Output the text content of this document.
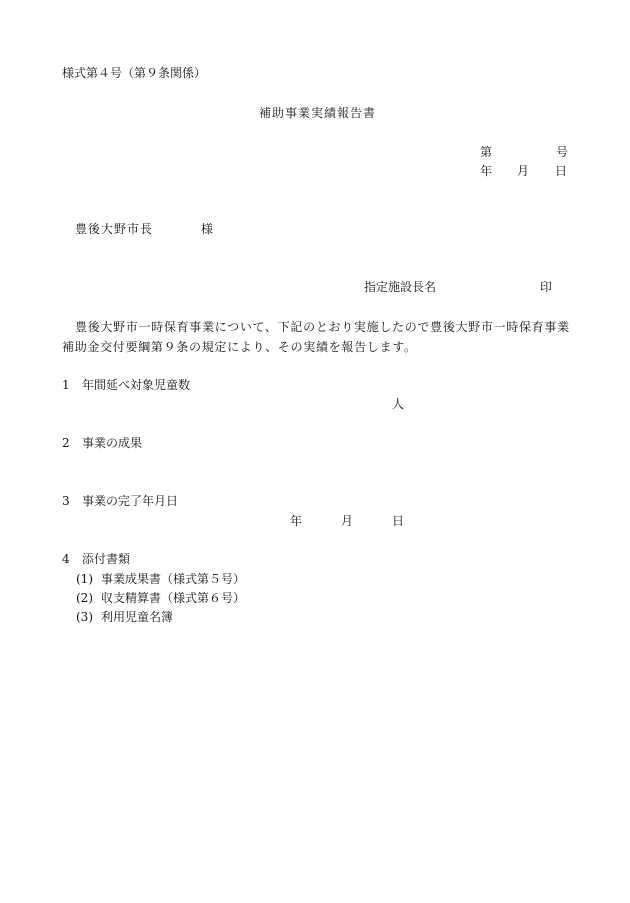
様式第４号（第９条関係）
補助事業実績報告書
第	号
年 月 日
豊後大野市長	様
指定施設長名	印
豊後大野市一時保育事業について、下記のとおり実施したので豊後大野市一時保育事業
補助金交付要綱第９条の規定により、その実績を報告します。
1 年間延べ対象児童数
人
2 事業の成果
3 事業の完了年月日
年	月	日
4 添付書類
(1) 事業成果書（様式第５号）
(2) 収支精算書（様式第６号）
(3) 利用児童名簿
